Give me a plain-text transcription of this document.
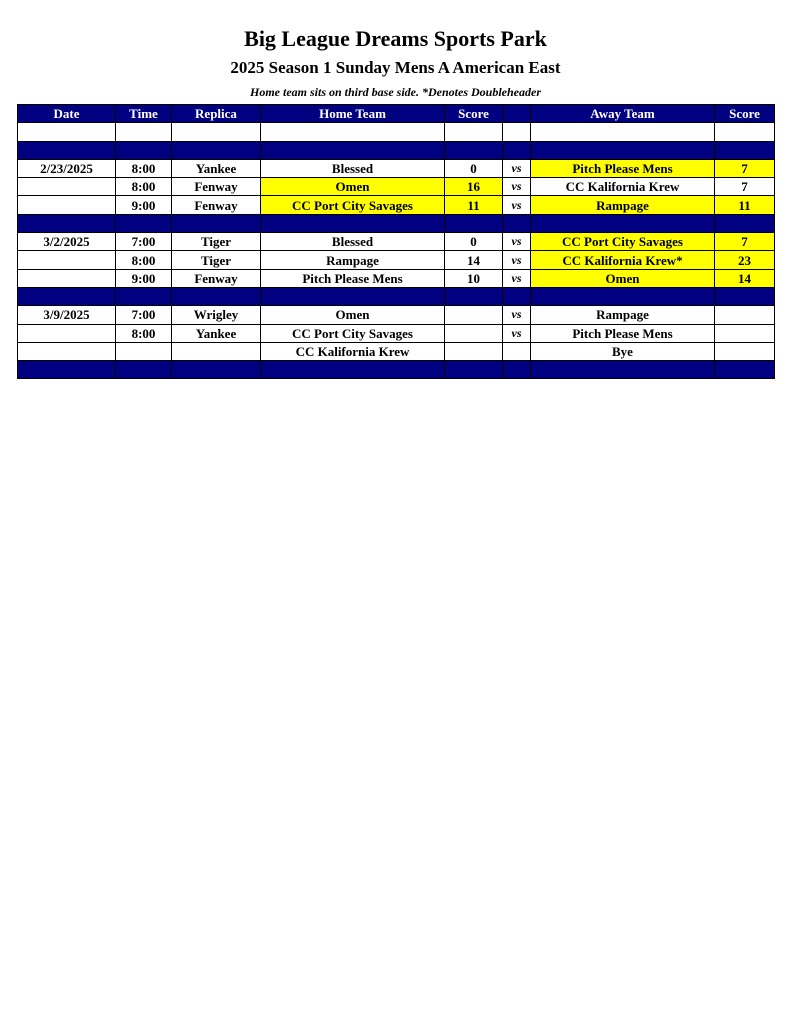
Big League Dreams Sports Park
2025 Season 1 Sunday Mens A American East
Home team sits on third base side. *Denotes Doubleheader
Date	Time	Replica	Home Team	Score		Away Team	Score

2/23/2025	8:00	Yankee	Blessed	0	vs	Pitch Please Mens	7
	8:00	Fenway	Omen	16	vs	CC Kalifornia Krew	7
	9:00	Fenway	CC Port City Savages	11	vs	Rampage	11

3/2/2025	7:00	Tiger	Blessed	0	vs	CC Port City Savages	7
	8:00	Tiger	Rampage	14	vs	CC Kalifornia Krew*	23
	9:00	Fenway	Pitch Please Mens	10	vs	Omen	14

3/9/2025	7:00	Wrigley	Omen		vs	Rampage	
	8:00	Yankee	CC Port City Savages		vs	Pitch Please Mens	
			CC Kalifornia Krew			Bye	
